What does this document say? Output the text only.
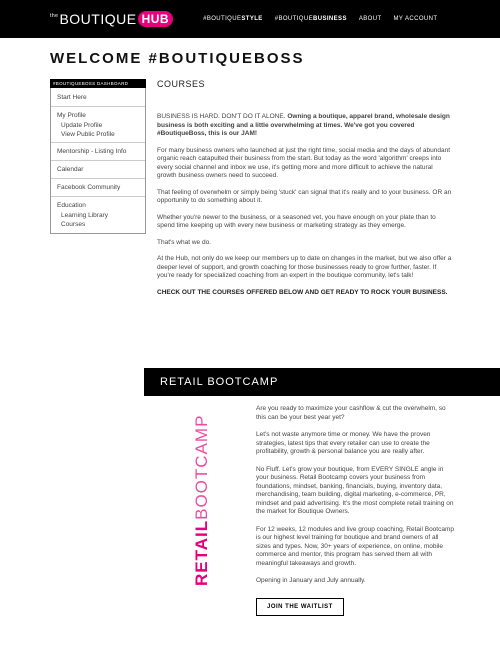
the BOUTIQUE HUB	#BOUTIQUESTYLE #BOUTIQUEBUSINESS ABOUT MY ACCOUNT
WELCOME #BOUTIQUEBOSS
#BOUTIQUEBOSS DASHBOARD
Start Here
My Profile
Update Profile
View Public Profile
Mentorship - Listing Info
Calendar
Facebook Community
Education
Learning Library
Courses
COURSES

BUSINESS IS HARD. DON'T DO IT ALONE. Owning a boutique, apparel brand, wholesale design business is both exciting and a little overwhelming at times. We've got you covered #BoutiqueBoss, this is our JAM!

For many business owners who launched at just the right time, social media and the days of abundant organic reach catapulted their business from the start. But today as the word 'algorithm' creeps into every social channel and inbox we use, it's getting more and more difficult to achieve the natural growth business owners need to succeed.

That feeling of overwhelm or simply being 'stuck' can signal that it's really and to your business. OR an opportunity to do something about it.

Whether you're newer to the business, or a seasoned vet, you have enough on your plate than to spend time keeping up with every new business or marketing strategy as they emerge.

That's what we do.

At the Hub, not only do we keep our members up to date on changes in the market, but we also offer a deeper level of support, and growth coaching for those businesses ready to grow further, faster. If you're ready for specialized coaching from an expert in the boutique community, let's talk!

CHECK OUT THE COURSES OFFERED BELOW AND GET READY TO ROCK YOUR BUSINESS.

RETAIL BOOTCAMP
RETAILBOOTCAMP

Are you ready to maximize your cashflow & cut the overwhelm, so this can be your best year yet?

Let's not waste anymore time or money. We have the proven strategies, latest tips that every retailer can use to create the profitability, growth & personal balance you are really after.

No Fluff. Let's grow your boutique, from EVERY SINGLE angle in your business. Retail Bootcamp covers your business from foundations, mindset, banking, financials, buying, inventory data, merchandising, team building, digital marketing, e-commerce, PR, mindset and paid advertising. It's the most complete retail training on the market for Boutique Owners.

For 12 weeks, 12 modules and live group coaching, Retail Bootcamp is our highest level training for boutique and brand owners of all sizes and types. Now, 30+ years of experience, on online, mobile commerce and mentor, this program has served them all with meaningful takeaways and growth.

Opening in January and July annually.

JOIN THE WAITLIST
